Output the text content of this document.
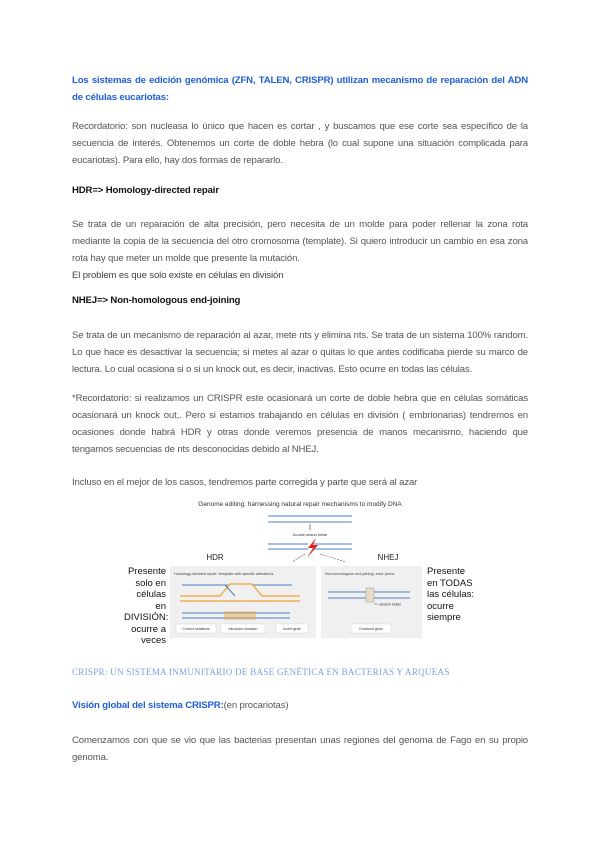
Los sistemas de edición genómica (ZFN, TALEN, CRISPR) utilizan mecanismo de reparación del ADN de células eucariotas:

Recordatorio: son nucleasa lo único que hacen es cortar , y buscamos que ese corte sea específico de la secuencia de interés. Obtenemos un corte de doble hebra (lo cual supone una situación complicada para eucariotas). Para ello, hay dos formas de repararlo.

HDR=> Homology-directed repair

Se trata de un reparación de alta precisión, pero necesita de un molde para poder rellenar la zona rota mediante la copia de la secuencia del otro cromosoma (template). Si quiero introducir un cambio en esa zona rota hay que meter un molde que presente la mutación.

El problem es que solo existe en células en división

NHEJ=> Non-homologous end-joining

Se trata de un mecanismo de reparación al azar, mete nts y elimina nts. Se trata de un sistema 100% random. Lo que hace es desactivar la secuencia; si metes al azar o quitas lo que antes codificaba pierde su marco de lectura. Lo cual ocasiona si o si un knock out, es decir, inactivas. Esto ocurre en todas las células.

*Recordatorio: si realizamos un CRISPR este ocasionará un corte de doble hebra que en células somáticas ocasionará un knock out,. Pero si estamos trabajando en células en división ( embrionarias) tendremos en ocasiones donde habrá HDR y otras donde veremos presencia de manos mecanismo, haciendo que tengamos secuencias de nts desconocidas debido al NHEJ.

Incluso en el mejor de los casos, tendremos parte corregida y parte que será al azar

Genome editing: harnessing natural repair mechanisms to modify DNA
Double-strand break
HDR	NHEJ
Homology-directed repair: template with specific alterations
Correct mutations	Introduce mutation	Insert gene
Non-homologous end-joining: error prone
random indels
Knockout gene
Presente
solo en
células en
DIVISIÓN:
ocurre a
veces
Presente
en TODAS
las células:
ocurre
siempre

CRISPR: UN SISTEMA INMUNITARIO DE BASE GENÉTICA EN BACTERIAS Y ARQUEAS

Visión global del sistema CRISPR:(en procariotas)

Comenzamos con que se vio que las bacterias presentan unas regiones del genoma de Fago en su propio genoma.
